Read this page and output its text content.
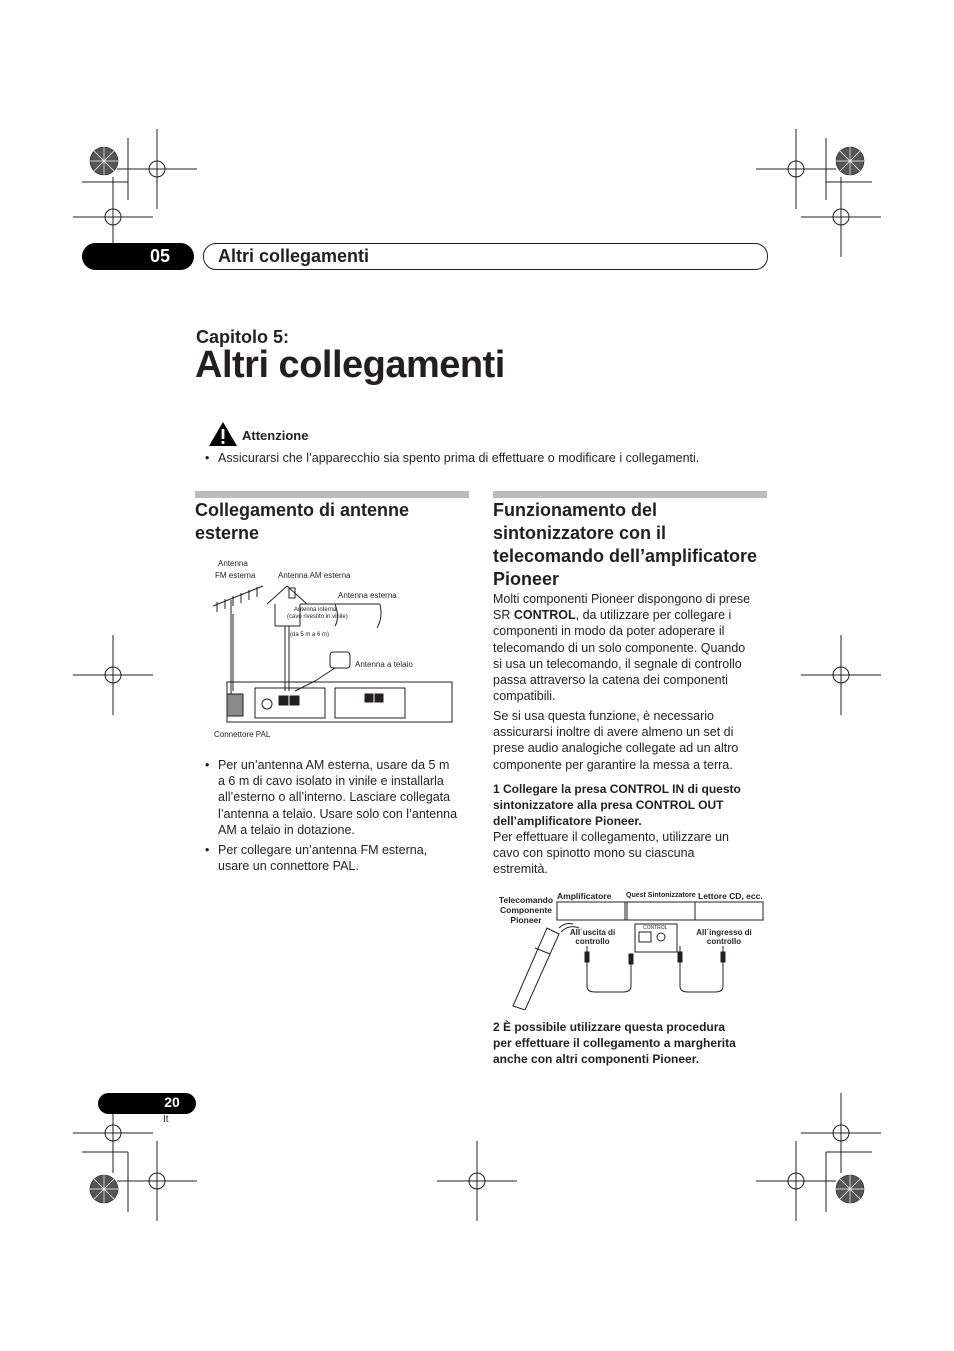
05	Altri collegamenti
Capitolo 5:
Altri collegamenti
Attenzione
• Assicurarsi che l’apparecchio sia spento prima di effettuare o modificare i collegamenti.
Collegamento di antenne
esterne
Antenna
FM esterna	Antenna AM esterna
Antenna esterna
Antenna interna
(cavo rivestito in vinile)
(da 5 m a 6 m)
Antenna a telaio
Connettore PAL
• Per un’antenna AM esterna, usare da 5 m
a 6 m di cavo isolato in vinile e installarla
all’esterno o all’interno. Lasciare collegata
l’antenna a telaio. Usare solo con l’antenna
AM a telaio in dotazione.
• Per collegare un’antenna FM esterna,
usare un connettore PAL.
Funzionamento del
sintonizzatore con il
telecomando dell’amplificatore
Pioneer
Molti componenti Pioneer dispongono di prese
SR CONTROL, da utilizzare per collegare i
componenti in modo da poter adoperare il
telecomando di un solo componente. Quando
si usa un telecomando, il segnale di controllo
passa attraverso la catena dei componenti
compatibili.
Se si usa questa funzione, è necessario
assicurarsi inoltre di avere almeno un set di
prese audio analogiche collegate ad un altro
componente per garantire la messa a terra.
1 Collegare la presa CONTROL IN di questo
sintonizzatore alla presa CONTROL OUT
dell’amplificatore Pioneer.
Per effettuare il collegamento, utilizzare un
cavo con spinotto mono su ciascuna
estremità.
Telecomando
Componente
Pioneer
Amplificatore Quest Sintonizzatore Lettore CD, ecc.
CONTROL
All´uscita di
controllo
All´ingresso di
controllo
2 È possibile utilizzare questa procedura
per effettuare il collegamento a margherita
anche con altri componenti Pioneer.
20
It
